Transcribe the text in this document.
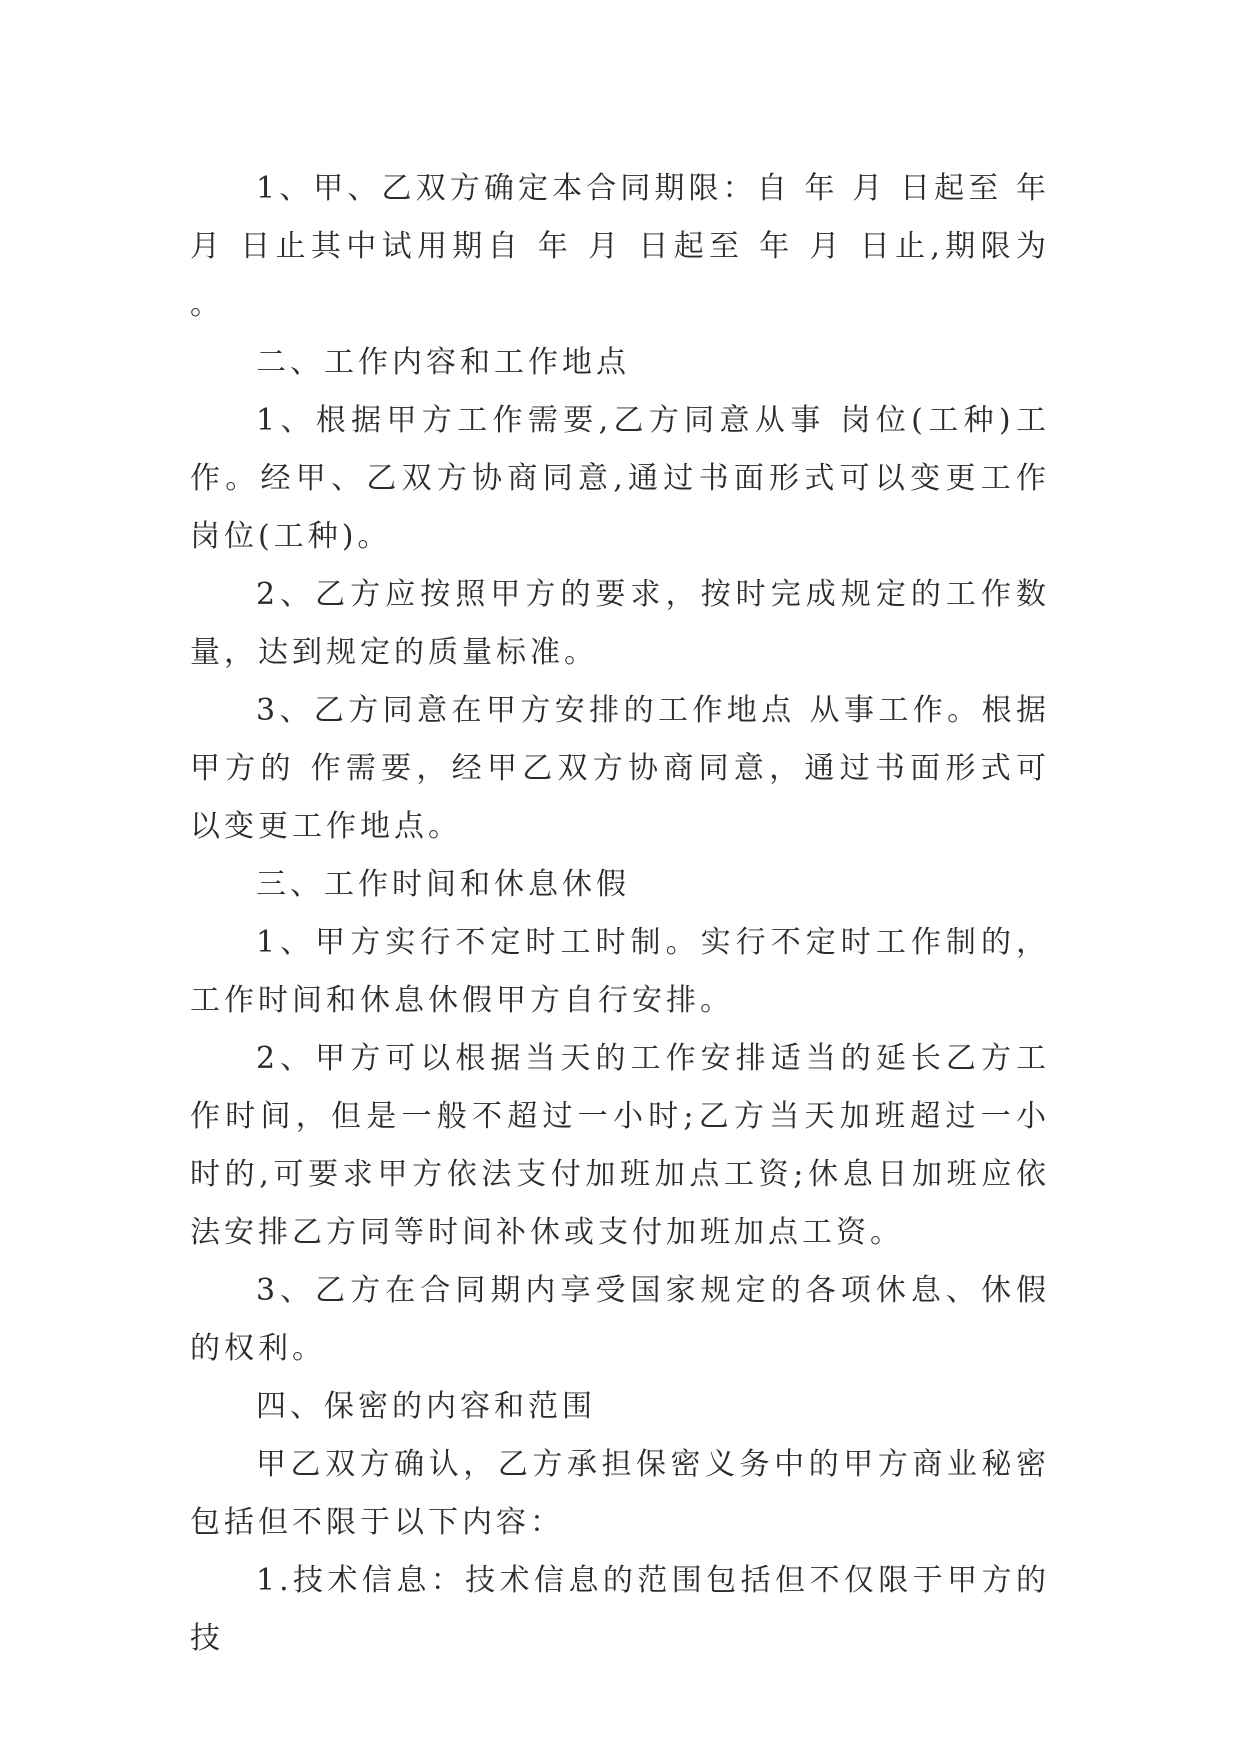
1、甲、乙双方确定本合同期限：自 年 月 日起至 年月 日止其中试用期自 年 月 日起至 年 月 日止,期限为 。

二、工作内容和工作地点

1、根据甲方工作需要,乙方同意从事 岗位(工种)工作。经甲、乙双方协商同意,通过书面形式可以变更工作岗位(工种)。

2、乙方应按照甲方的要求，按时完成规定的工作数量，达到规定的质量标准。

3、乙方同意在甲方安排的工作地点 从事工作。根据甲方的 作需要，经甲乙双方协商同意，通过书面形式可以变更工作地点。

三、工作时间和休息休假

1、甲方实行不定时工时制。实行不定时工作制的，工作时间和休息休假甲方自行安排。

2、甲方可以根据当天的工作安排适当的延长乙方工作时间，但是一般不超过一小时;乙方当天加班超过一小时的,可要求甲方依法支付加班加点工资;休息日加班应依法安排乙方同等时间补休或支付加班加点工资。

3、乙方在合同期内享受国家规定的各项休息、休假的权利。

四、保密的内容和范围

甲乙双方确认，乙方承担保密义务中的甲方商业秘密包括但不限于以下内容：

1.技术信息：技术信息的范围包括但不仅限于甲方的技
